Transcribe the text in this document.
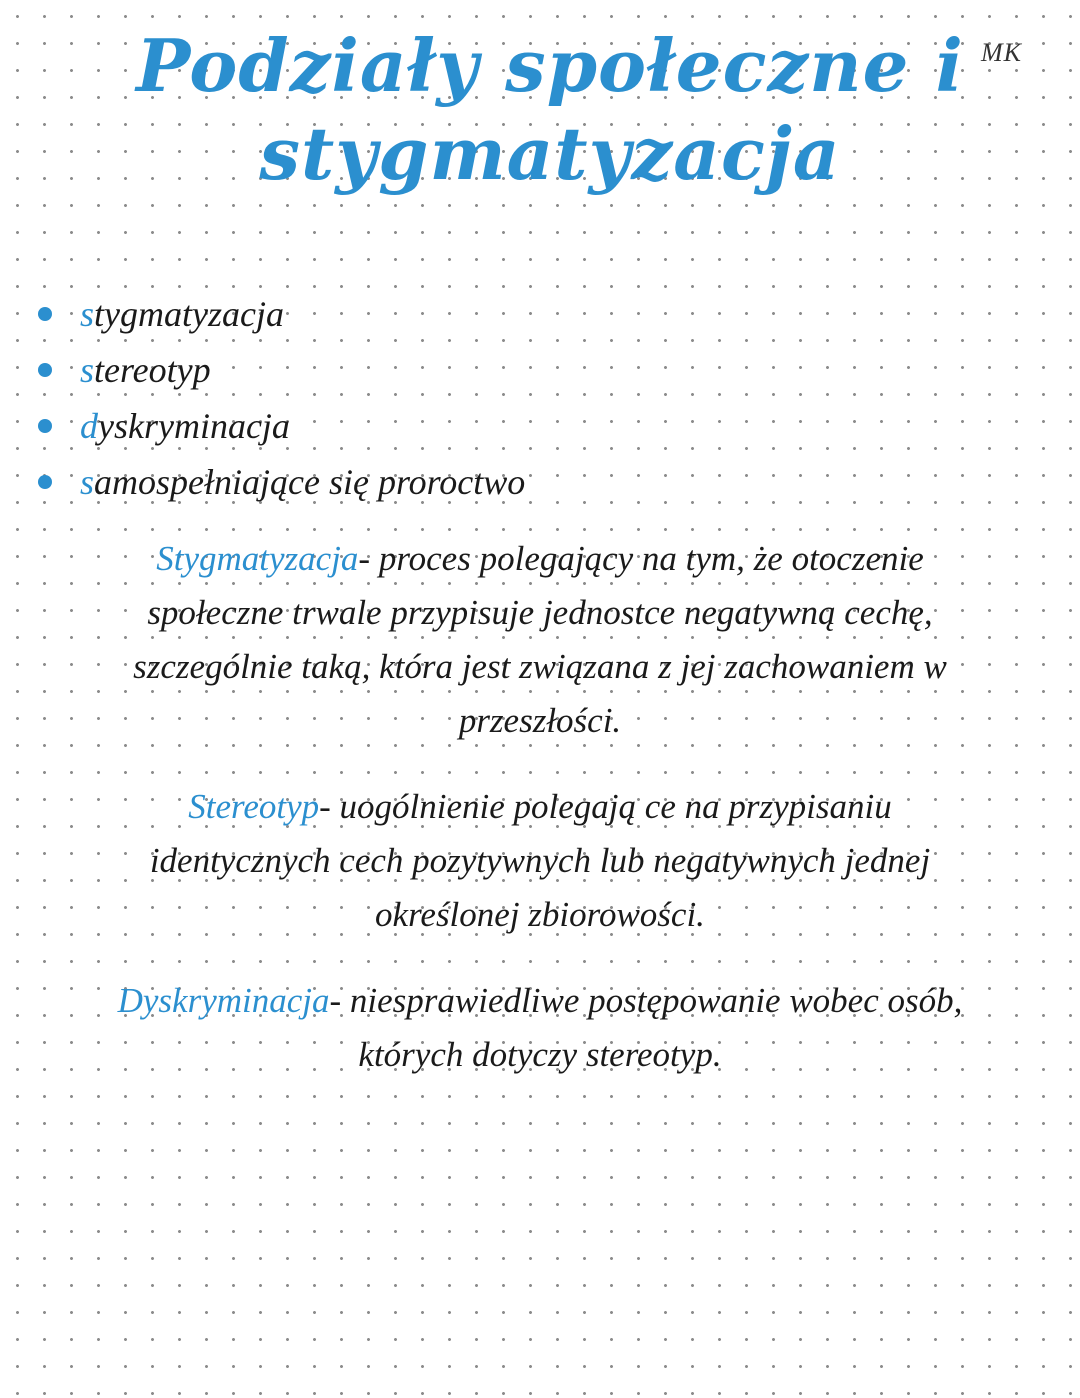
Podziały społeczne i
stygmatyzacja
MK
s tygmatyzacja
s tereotyp
d yskryminacja
s amospełniające się proroctwo

Stygmatyzacja- proces polegający na tym, że otoczenie
społeczne trwale przypisuje jednostce negatywną cechę,
szczególnie taką, która jest związana z jej zachowaniem w
przeszłości.

Stereotyp- uogólnienie polegają ce na przypisaniu
identycznych cech pozytywnych lub negatywnych jednej
określonej zbiorowości.

Dyskryminacja- niesprawiedliwe postępowanie wobec osób,
których dotyczy stereotyp.
